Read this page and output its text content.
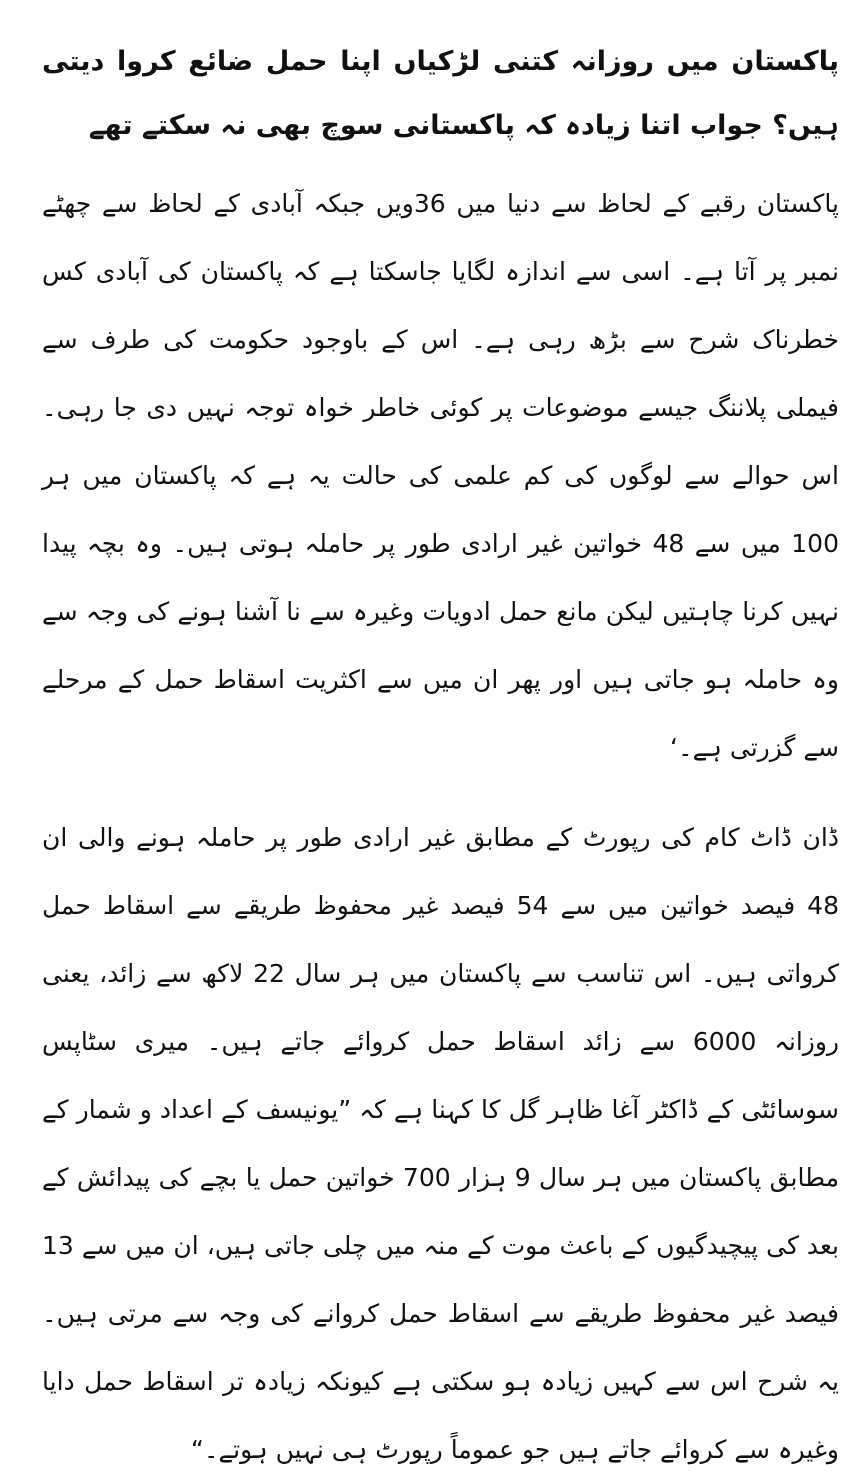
پاکستان میں روزانہ کتنی لڑکیاں اپنا حمل ضائع کروا دیتی ہیں؟ جواب اتنا زیادہ کہ پاکستانی سوچ بھی نہ سکتے تھے

پاکستان رقبے کے لحاظ سے دنیا میں 36ویں جبکہ آبادی کے لحاظ سے چھٹے نمبر پر آتا ہے۔ اسی سے اندازہ لگایا جاسکتا ہے کہ پاکستان کی آبادی کس خطرناک شرح سے بڑھ رہی ہے۔ اس کے باوجود حکومت کی طرف سے فیملی پلاننگ جیسے موضوعات پر کوئی خاطر خواہ توجہ نہیں دی جا رہی۔ اس حوالے سے لوگوں کی کم علمی کی حالت یہ ہے کہ پاکستان میں ہر 100 میں سے 48 خواتین غیر ارادی طور پر حاملہ ہوتی ہیں۔ وہ بچہ پیدا نہیں کرنا چاہتیں لیکن مانع حمل ادویات وغیرہ سے نا آشنا ہونے کی وجہ سے وہ حاملہ ہو جاتی ہیں اور پھر ان میں سے اکثریت اسقاط حمل کے مرحلے سے گزرتی ہے۔‘

ڈان ڈاٹ کام کی رپورٹ کے مطابق غیر ارادی طور پر حاملہ ہونے والی ان 48 فیصد خواتین میں سے 54 فیصد غیر محفوظ طریقے سے اسقاط حمل کرواتی ہیں۔ اس تناسب سے پاکستان میں ہر سال 22 لاکھ سے زائد، یعنی روزانہ 6000 سے زائد اسقاط حمل کروائے جاتے ہیں۔ میری سٹاپس سوسائٹی کے ڈاکٹر آغا ظاہر گل کا کہنا ہے کہ ”یونیسف کے اعداد و شمار کے مطابق پاکستان میں ہر سال 9 ہزار 700 خواتین حمل یا بچے کی پیدائش کے بعد کی پیچیدگیوں کے باعث موت کے منہ میں چلی جاتی ہیں، ان میں سے 13 فیصد غیر محفوظ طریقے سے اسقاط حمل کروانے کی وجہ سے مرتی ہیں۔ یہ شرح اس سے کہیں زیادہ ہو سکتی ہے کیونکہ زیادہ تر اسقاط حمل دایا وغیرہ سے کروائے جاتے ہیں جو عموماً رپورٹ ہی نہیں ہوتے۔“
